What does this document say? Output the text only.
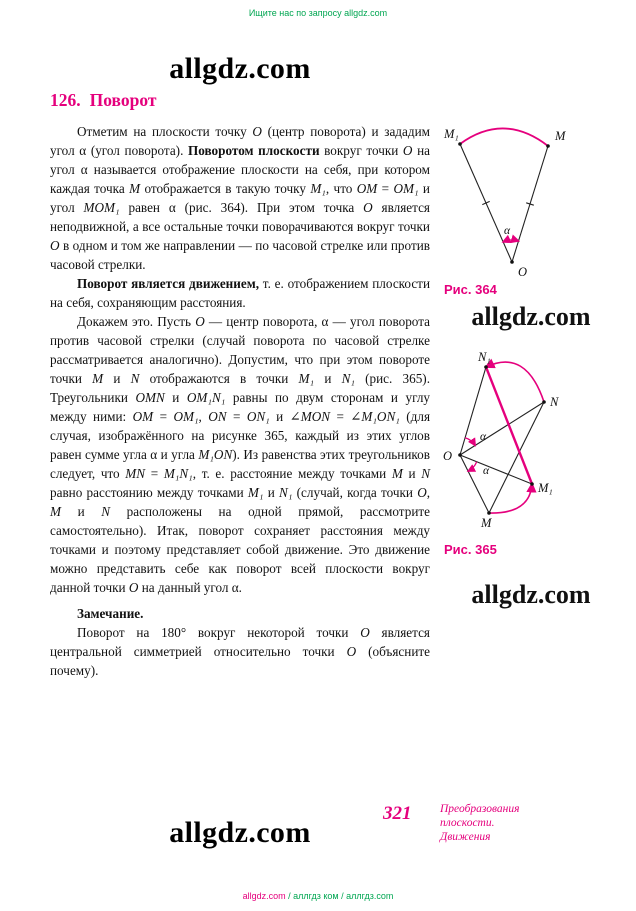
Ищите нас по запросу allgdz.com
allgdz.com
126. Поворот

Отметим на плоскости точку O (центр поворота) и зададим угол α (угол поворота). Поворотом плоскости вокруг точки O на угол α называется отображение плоскости на себя, при котором каждая точка M отображается в такую точку M₁, что OM = OM₁ и угол MOM₁ равен α (рис. 364). При этом точка O является неподвижной, а все остальные точки поворачиваются вокруг точки O в одном и том же направлении — по часовой стрелке или против часовой стрелки.

Поворот является движением, т. е. отображением плоскости на себя, сохраняющим расстояния.

Докажем это. Пусть O — центр поворота, α — угол поворота против часовой стрелки (случай поворота по часовой стрелке рассматривается аналогично). Допустим, что при этом повороте точки M и N отображаются в точки M₁ и N₁ (рис. 365). Треугольники OMN и OM₁N₁ равны по двум сторонам и углу между ними: OM = OM₁, ON = ON₁ и ∠MON = ∠M₁ON₁ (для случая, изображённого на рисунке 365, каждый из этих углов равен сумме угла α и угла M₁ON). Из равенства этих треугольников следует, что MN = M₁N₁, т. е. расстояние между точками M и N равно расстоянию между точками M₁ и N₁ (случай, когда точки O, M и N расположены на одной прямой, рассмотрите самостоятельно). Итак, поворот сохраняет расстояния между точками и поэтому представляет собой движение. Это движение можно представить себе как поворот всей плоскости вокруг данной точки O на данный угол α.

Замечание.

Поворот на 180° вокруг некоторой точки O является центральной симметрией относительно точки O (объясните почему).

M₁	M
O
α
Рис. 364
allgdz.com
N₁
N
M₁
M
O
α
α
Рис. 365
allgdz.com
321 Преобразования
плоскости.
Движения
allgdz.com
allgdz.com / аллгдз ком / аллгдз.com
